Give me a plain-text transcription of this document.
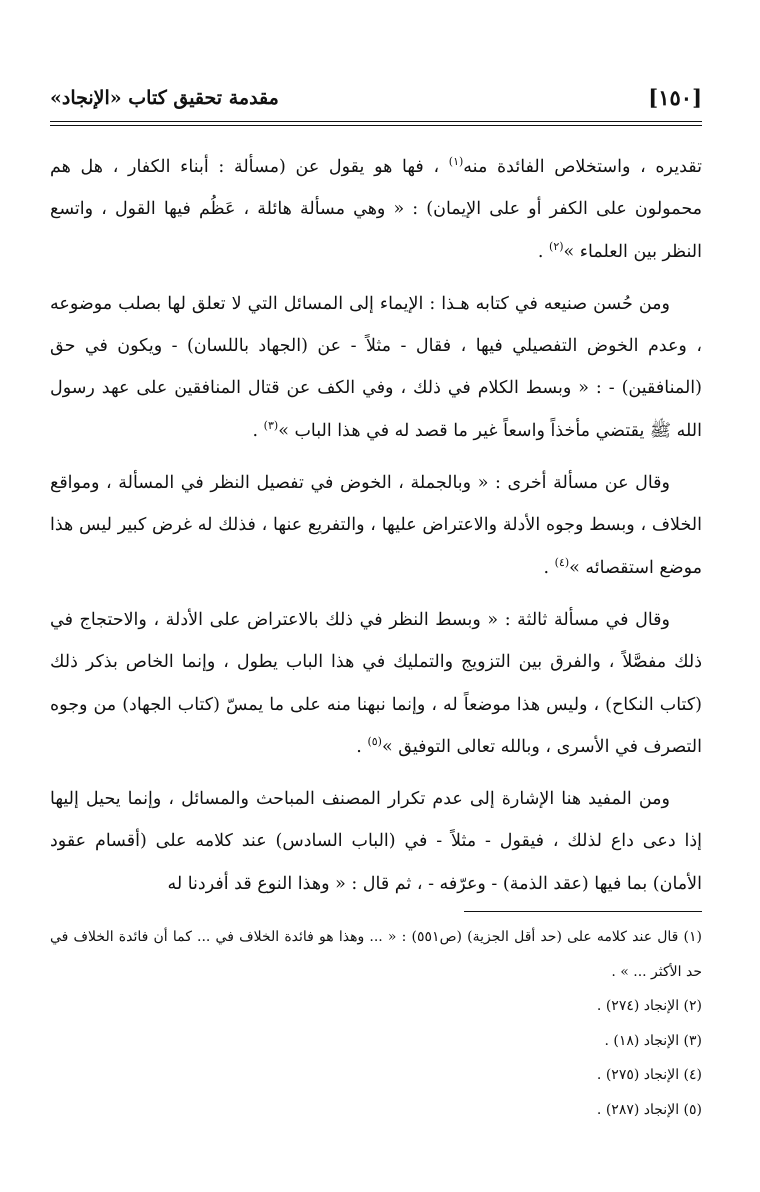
[١٥٠]
مقدمة تحقيق كتاب «الإنجاد»

تقديره ، واستخلاص الفائدة منه$^{(١)}$ ، فها هو يقول عن (مسألة : أبناء الكفار ، هل هم محمولون على الكفر أو على الإيمان) : « وهي مسألة هائلة ، عَظُم فيها القول ، واتسع النظر بين العلماء »$^{(٢)}$ .

ومن حُسن صنيعه في كتابه هـذا : الإيماء إلى المسائل التي لا تعلق لها بصلب موضوعه ، وعدم الخوض التفصيلي فيها ، فقال - مثلاً - عن (الجهاد باللسان) - ويكون في حق (المنافقين) - : « وبسط الكلام في ذلك ، وفي الكف عن قتال المنافقين على عهد رسول الله ﷺ يقتضي مأخذاً واسعاً غير ما قصد له في هذا الباب »$^{(٣)}$ .

وقال عن مسألة أخرى : « وبالجملة ، الخوض في تفصيل النظر في المسألة ، ومواقع الخلاف ، وبسط وجوه الأدلة والاعتراض عليها ، والتفريع عنها ، فذلك له غرض كبير ليس هذا موضع استقصائه »$^{(٤)}$ .

وقال في مسألة ثالثة : « وبسط النظر في ذلك بالاعتراض على الأدلة ، والاحتجاج في ذلك مفصَّلاً ، والفرق بين التزويج والتمليك في هذا الباب يطول ، وإنما الخاص بذكر ذلك (كتاب النكاح) ، وليس هذا موضعاً له ، وإنما نبهنا منه على ما يمسّ (كتاب الجهاد) من وجوه التصرف في الأسرى ، وبالله تعالى التوفيق »$^{(٥)}$ .

ومن المفيد هنا الإشارة إلى عدم تكرار المصنف المباحث والمسائل ، وإنما يحيل إليها إذا دعى داع لذلك ، فيقول - مثلاً - في (الباب السادس) عند كلامه على (أقسام عقود الأمان) بما فيها (عقد الذمة) - وعرّفه - ، ثم قال : « وهذا النوع قد أفردنا له

(١) قال عند كلامه على (حد أقل الجزية) (ص٥٥١) : « ... وهذا هو فائدة الخلاف في ... كما أن فائدة الخلاف في حد الأكثر ... » .
(٢) الإنجاد (٢٧٤) .
(٣) الإنجاد (١٨) .
(٤) الإنجاد (٢٧٥) .
(٥) الإنجاد (٢٨٧) .
